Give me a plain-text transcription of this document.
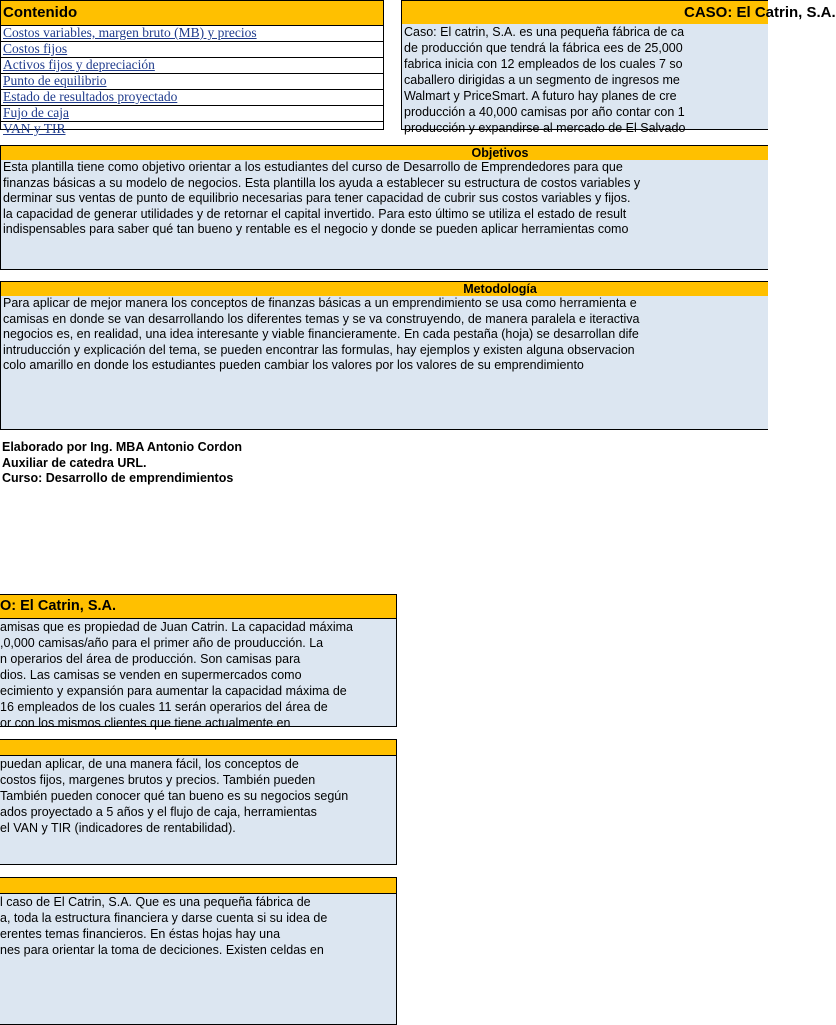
Contenido
Costos variables, margen bruto (MB) y precios
Costos fijos
Activos fijos y depreciación
Punto de equilibrio
Estado de resultados proyectado
Fujo de caja
VAN y TIR
CASO: El Catrin, S.A.
Caso: El catrin, S.A. es una pequeña fábrica de ca
de producción que tendrá la fábrica ees de 25,000
fabrica inicia con 12 empleados de los cuales 7 so
caballero dirigidas a un segmento de ingresos me
Walmart y PriceSmart. A futuro hay planes de cre
producción a 40,000 camisas por año contar con 1
producción y expandirse al mercado de El Salvado
Objetivos
Esta plantilla tiene como objetivo orientar a los estudiantes del curso de Desarrollo de Emprendedores para que
finanzas básicas a su modelo de negocios. Esta plantilla los ayuda a establecer su estructura de costos variables y
derminar sus ventas de punto de equilibrio necesarias para tener capacidad de cubrir sus costos variables y fijos.
la capacidad de generar utilidades y de retornar el capital invertido. Para esto último se utiliza el estado de result
indispensables para saber qué tan bueno y rentable es el negocio y donde se pueden aplicar herramientas como
Metodología
Para aplicar de mejor manera los conceptos de finanzas básicas a un emprendimiento se usa como herramienta e
camisas en donde se van desarrollando los diferentes temas y se va construyendo, de manera paralela e iteractiva
negocios es, en realidad, una idea interesante y viable financieramente. En cada pestaña (hoja) se desarrollan dife
intruducción y explicación del tema, se pueden encontrar las formulas, hay ejemplos y existen alguna observacion
colo amarillo en donde los estudiantes pueden cambiar los valores por los valores de su emprendimiento
Elaborado por Ing. MBA Antonio Cordon
Auxiliar de catedra URL.
Curso: Desarrollo de emprendimientos
O: El Catrin, S.A.
amisas que es propiedad de Juan Catrin. La capacidad máxima
,0,000 camisas/año para el primer año de prouducción. La
n operarios del área de producción. Son camisas para
dios. Las camisas se venden en supermercados como
ecimiento y expansión para aumentar la capacidad máxima de
16 empleados de los cuales 11 serán operarios del área de
or con los mismos clientes que tiene actualmente en
puedan aplicar, de una manera fácil, los conceptos de
costos fijos, margenes brutos y precios. También pueden
También pueden conocer qué tan bueno es su negocios según
ados proyectado a 5 años y el flujo de caja, herramientas
el VAN y TIR (indicadores de rentabilidad).
l caso de El Catrin, S.A. Que es una pequeña fábrica de
a, toda la estructura financiera y darse cuenta si su idea de
erentes temas financieros. En éstas hojas hay una
nes para orientar la toma de deciciones. Existen celdas en
